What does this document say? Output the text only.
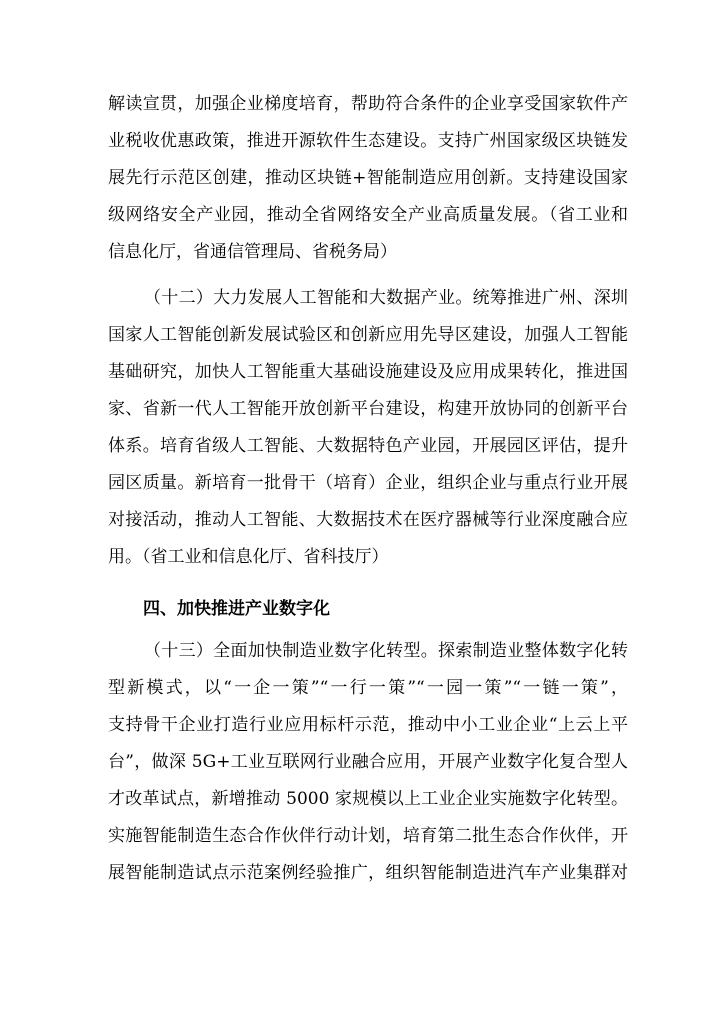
解读宣贯，加强企业梯度培育，帮助符合条件的企业享受国家软件产
业税收优惠政策，推进开源软件生态建设。支持广州国家级区块链发
展先行示范区创建，推动区块链+智能制造应用创新。支持建设国家
级网络安全产业园，推动全省网络安全产业高质量发展。（省工业和
信息化厅，省通信管理局、省税务局）
（十二）大力发展人工智能和大数据产业。统筹推进广州、深圳
国家人工智能创新发展试验区和创新应用先导区建设，加强人工智能
基础研究，加快人工智能重大基础设施建设及应用成果转化，推进国
家、省新一代人工智能开放创新平台建设，构建开放协同的创新平台
体系。培育省级人工智能、大数据特色产业园，开展园区评估，提升
园区质量。新培育一批骨干（培育）企业，组织企业与重点行业开展
对接活动，推动人工智能、大数据技术在医疗器械等行业深度融合应
用。（省工业和信息化厅、省科技厅）
四、加快推进产业数字化
（十三）全面加快制造业数字化转型。探索制造业整体数字化转
型新模式，以“一企一策”“一行一策”“一园一策”“一链一策”，
支持骨干企业打造行业应用标杆示范，推动中小工业企业“上云上平
台”，做深 5G+工业互联网行业融合应用，开展产业数字化复合型人
才改革试点，新增推动 5000 家规模以上工业企业实施数字化转型。
实施智能制造生态合作伙伴行动计划，培育第二批生态合作伙伴，开
展智能制造试点示范案例经验推广，组织智能制造进汽车产业集群对
